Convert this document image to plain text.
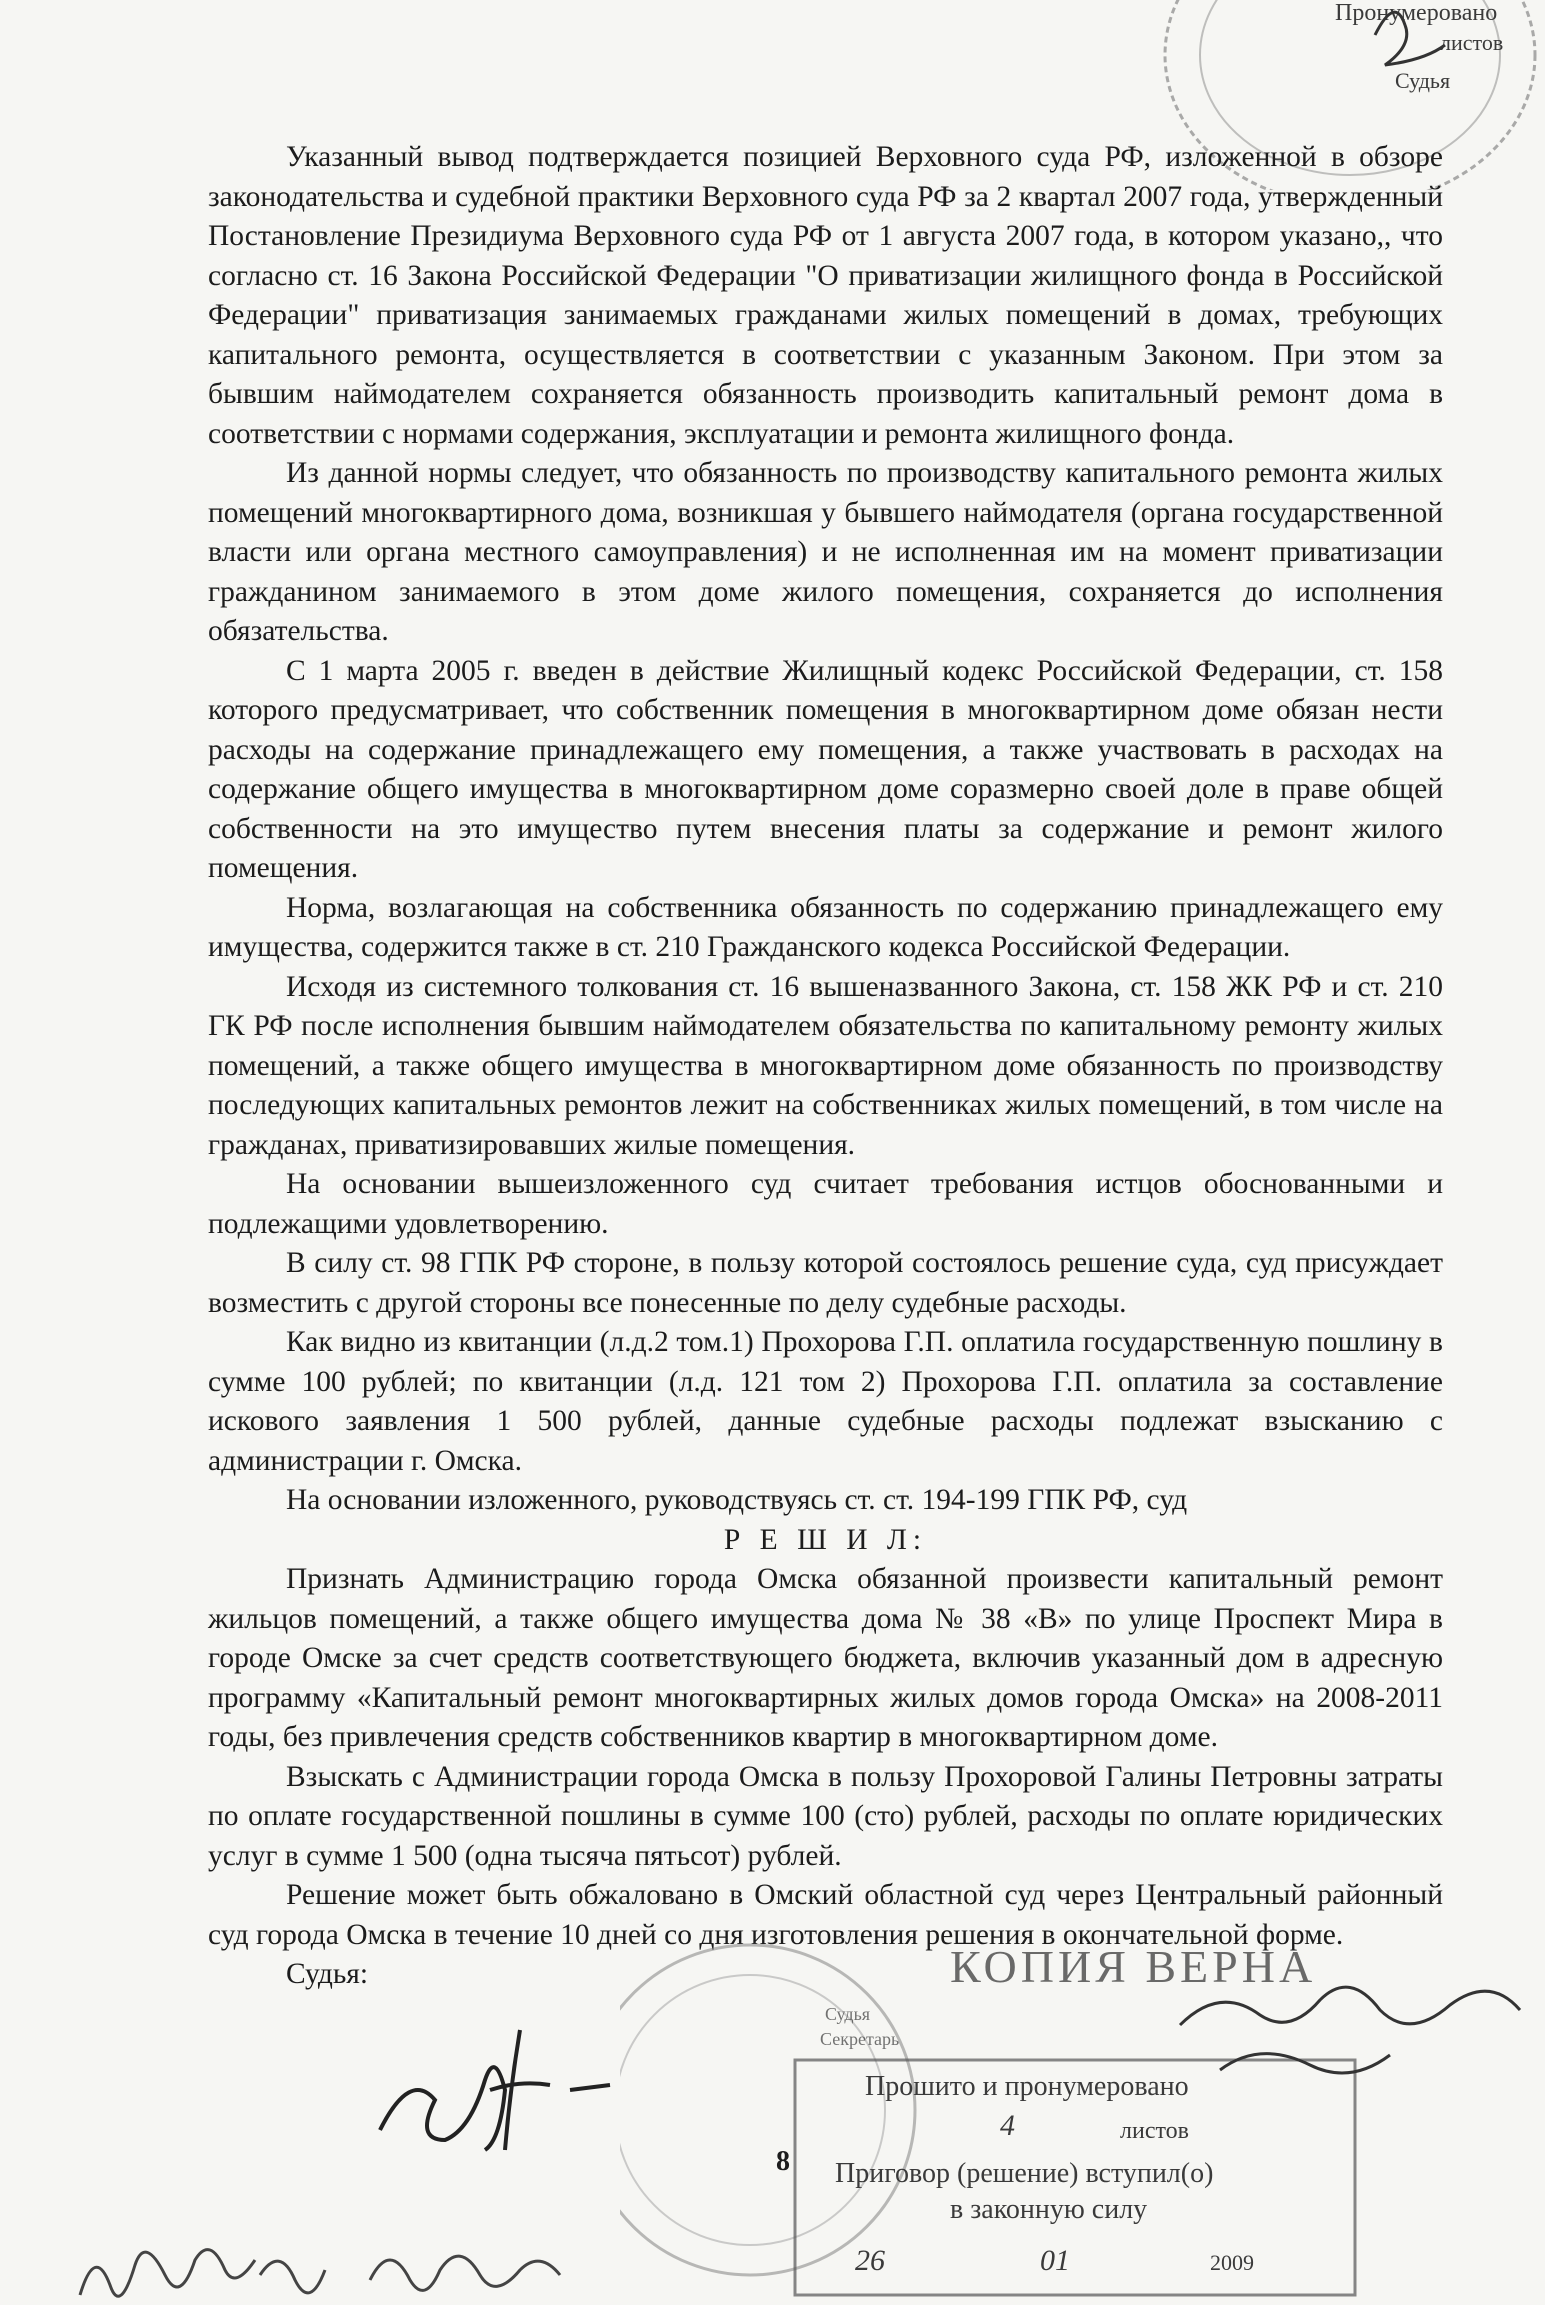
Пронумеровано
листов
Судья

Указанный вывод подтверждается позицией Верховного суда РФ, изложенной в обзоре законодательства и судебной практики Верховного суда РФ за 2 квартал 2007 года, утвержденный Постановление Президиума Верховного суда РФ от 1 августа 2007 года, в котором указано,, что согласно ст. 16 Закона Российской Федерации "О приватизации жилищного фонда в Российской Федерации" приватизация занимаемых гражданами жилых помещений в домах, требующих капитального ремонта, осуществляется в соответствии с указанным Законом. При этом за бывшим наймодателем сохраняется обязанность производить капитальный ремонт дома в соответствии с нормами содержания, эксплуатации и ремонта жилищного фонда.

Из данной нормы следует, что обязанность по производству капитального ремонта жилых помещений многоквартирного дома, возникшая у бывшего наймодателя (органа государственной власти или органа местного самоуправления) и не исполненная им на момент приватизации гражданином занимаемого в этом доме жилого помещения, сохраняется до исполнения обязательства.

С 1 марта 2005 г. введен в действие Жилищный кодекс Российской Федерации, ст. 158 которого предусматривает, что собственник помещения в многоквартирном доме обязан нести расходы на содержание принадлежащего ему помещения, а также участвовать в расходах на содержание общего имущества в многоквартирном доме соразмерно своей доле в праве общей собственности на это имущество путем внесения платы за содержание и ремонт жилого помещения.

Норма, возлагающая на собственника обязанность по содержанию принадлежащего ему имущества, содержится также в ст. 210 Гражданского кодекса Российской Федерации.

Исходя из системного толкования ст. 16 вышеназванного Закона, ст. 158 ЖК РФ и ст. 210 ГК РФ после исполнения бывшим наймодателем обязательства по капитальному ремонту жилых помещений, а также общего имущества в многоквартирном доме обязанность по производству последующих капитальных ремонтов лежит на собственниках жилых помещений, в том числе на гражданах, приватизировавших жилые помещения.

На основании вышеизложенного суд считает требования истцов обоснованными и подлежащими удовлетворению.

В силу ст. 98 ГПК РФ стороне, в пользу которой состоялось решение суда, суд присуждает возместить с другой стороны все понесенные по делу судебные расходы.

Как видно из квитанции (л.д.2 том.1) Прохорова Г.П. оплатила государственную пошлину в сумме 100 рублей; по квитанции (л.д. 121 том 2) Прохорова Г.П. оплатила за составление искового заявления 1 500 рублей, данные судебные расходы подлежат взысканию с администрации г. Омска.

На основании изложенного, руководствуясь ст. ст. 194-199 ГПК РФ, суд

Р Е Ш И Л:

Признать Администрацию города Омска обязанной произвести капитальный ремонт жильцов помещений, а также общего имущества дома № 38 «В» по улице Проспект Мира в городе Омске за счет средств соответствующего бюджета, включив указанный дом в адресную программу «Капитальный ремонт многоквартирных жилых домов города Омска» на 2008-2011 годы, без привлечения средств собственников квартир в многоквартирном доме.

Взыскать с Администрации города Омска в пользу Прохоровой Галины Петровны затраты по оплате государственной пошлины в сумме 100 (сто) рублей, расходы по оплате юридических услуг в сумме 1 500 (одна тысяча пятьсот) рублей.

Решение может быть обжаловано в Омский областной суд через Центральный районный суд города Омска в течение 10 дней со дня изготовления решения в окончательной форме.

Судья:	КОПИЯ ВЕРНА
Судья
Секретарь
Прошито и пронумеровано
4	листов
Приговор (решение) вступил(о)
в законную силу
26	01	2009
8
